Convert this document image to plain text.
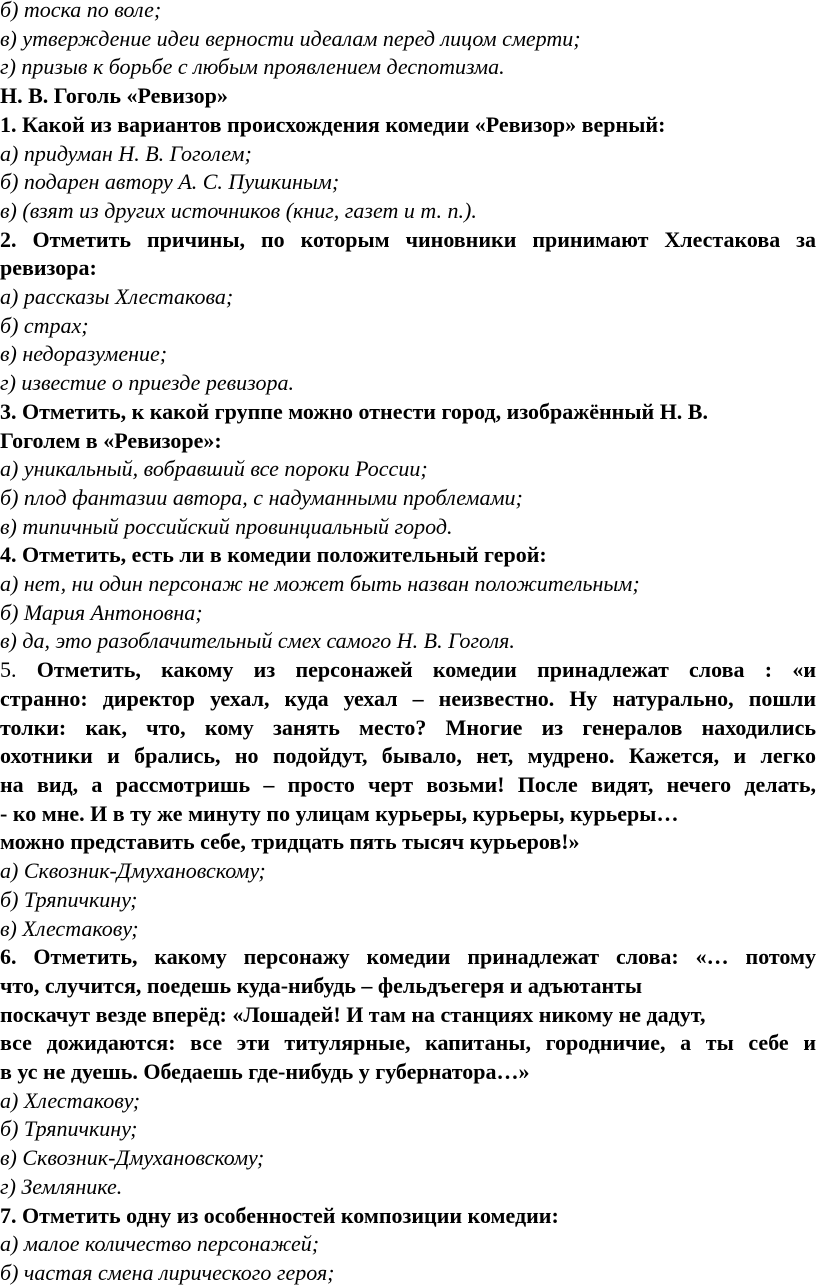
б) тоска по воле;
в) утверждение идеи верности идеалам перед лицом смерти;
г) призыв к борьбе с любым проявлением деспотизма.
Н. В. Гоголь «Ревизор»
1. Какой из вариантов происхождения комедии «Ревизор» верный:
а) придуман Н. В. Гоголем;
б) подарен автору А. С. Пушкиным;
в) (взят из других источников (книг, газет и т. п.).
2. Отметить причины, по которым чиновники принимают Хлестакова за
ревизора:
а) рассказы Хлестакова;
б) страх;
в) недоразумение;
г) известие о приезде ревизора.
3. Отметить, к какой группе можно отнести город, изображённый Н. В.
Гоголем в «Ревизоре»:
а) уникальный, вобравший все пороки России;
б) плод фантазии автора, с надуманными проблемами;
в) типичный российский провинциальный город.
4. Отметить, есть ли в комедии положительный герой:
а) нет, ни один персонаж не может быть назван положительным;
б) Мария Антоновна;
в) да, это разоблачительный смех самого Н. В. Гоголя.
5. Отметить, какому из персонажей комедии принадлежат слова : «и
странно: директор уехал, куда уехал – неизвестно. Ну натурально, пошли
толки: как, что, кому занять место? Многие из генералов находились
охотники и брались, но подойдут, бывало, нет, мудрено. Кажется, и легко
на вид, а рассмотришь – просто черт возьми! После видят, нечего делать,
- ко мне. И в ту же минуту по улицам курьеры, курьеры, курьеры…
можно представить себе, тридцать пять тысяч курьеров!»
а) Сквозник-Дмухановскому;
б) Тряпичкину;
в) Хлестакову;
6. Отметить, какому персонажу комедии принадлежат слова: «… потому
что, случится, поедешь куда-нибудь – фельдъегеря и адъютанты
поскачут везде вперёд: «Лошадей! И там на станциях никому не дадут,
все дожидаются: все эти титулярные, капитаны, городничие, а ты себе и
в ус не дуешь. Обедаешь где-нибудь у губернатора…»
а) Хлестакову;
б) Тряпичкину;
в) Сквозник-Дмухановскому;
г) Землянике.
7. Отметить одну из особенностей композиции комедии:
а) малое количество персонажей;
б) частая смена лирического героя;
